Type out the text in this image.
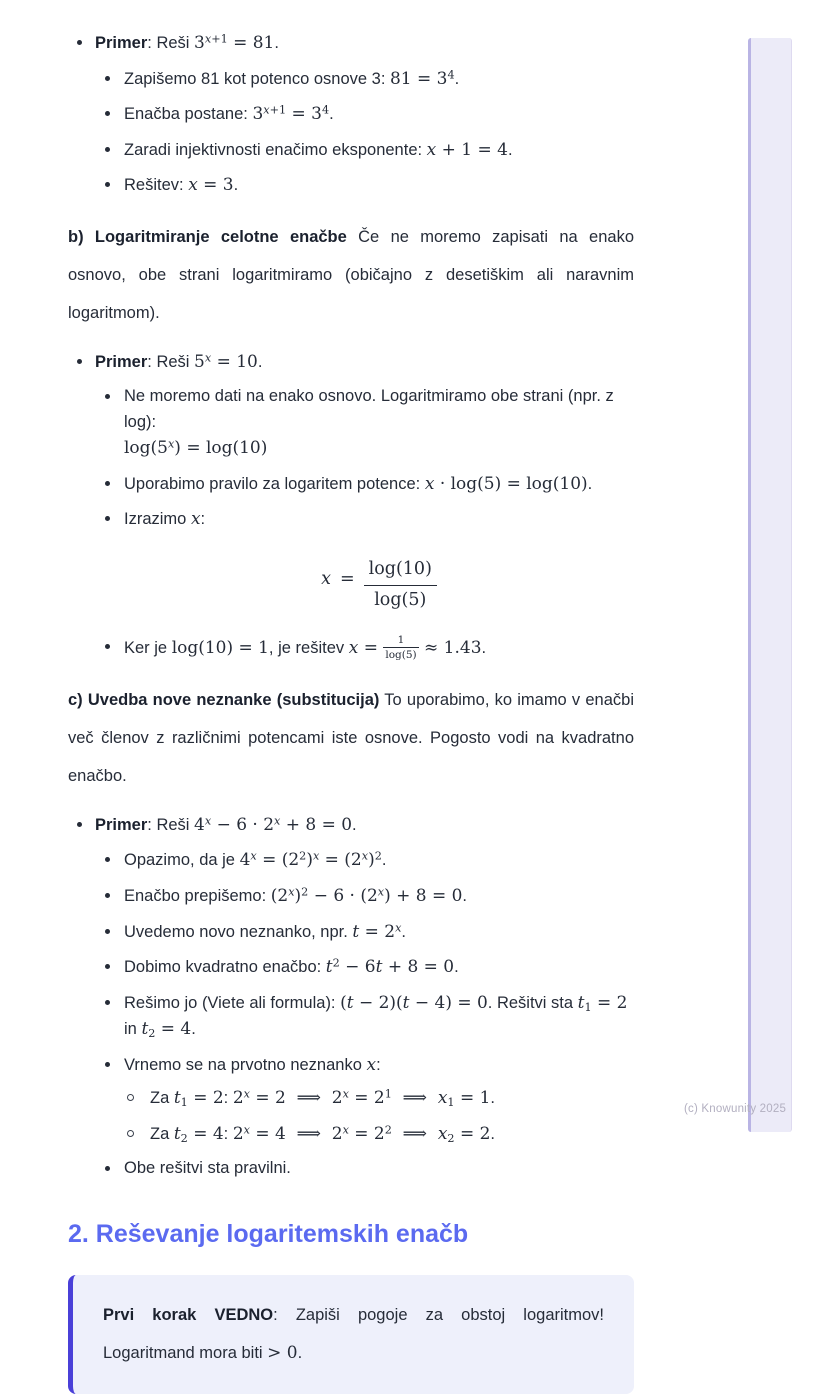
Primer: Reši $3^{x+1} = 81$.
Zapišemo 81 kot potenco osnove 3: $81 = 3^4$.
Enačba postane: $3^{x+1} = 3^4$.
Zaradi injektivnosti enačimo eksponente: x + 1 = 4.
Rešitev: x = 3.

b) Logaritmiranje celotne enačbe Če ne moremo zapisati na enako osnovo, obe strani logaritmiramo (običajno z desetiškim ali naravnim logaritmom).

Primer: Reši $5^x = 10$.
Ne moremo dati na enako osnovo. Logaritmiramo obe strani (npr. z log):
$\log(5^x) = \log(10)$
Uporabimo pravilo za logaritem potence: x · log(5) = log(10).
Izrazimo x:
$x = \frac{\log(10)}{\log(5)}$
Ker je log(10) = 1, je rešitev $x = \frac{1}{\log(5)} \approx 1.43$.

c) Uvedba nove neznanke (substitucija) To uporabimo, ko imamo v enačbi več členov z različnimi potencami iste osnove. Pogosto vodi na kvadratno enačbo.

Primer: Reši $4^x - 6 \cdot 2^x + 8 = 0$.
Opazimo, da je $4^x = (2^2)^x = (2^x)^2$.
Enačbo prepišemo: $(2^x)^2 - 6 \cdot (2^x) + 8 = 0$.
Uvedemo novo neznanko, npr. $t = 2^x$.
Dobimo kvadratno enačbo: $t^2 - 6t + 8 = 0$.
Rešimo jo (Viete ali formula): (t − 2)(t − 4) = 0. Rešitvi sta $t_1 = 2$ in $t_2 = 4$.
Vrnemo se na prvotno neznanko x:
Za $t_1 = 2$: $2^x = 2$  ⟹  $2^x = 2^1$  ⟹  $x_1 = 1$.
Za $t_2 = 4$: $2^x = 4$  ⟹  $2^x = 2^2$  ⟹  $x_2 = 2$.
Obe rešitvi sta pravilni.
2. Reševanje logaritemskih enačb

Prvi korak VEDNO: Zapiši pogoje za obstoj logaritmov! Logaritmand mora biti > 0.

(c) Knowunity 2025
